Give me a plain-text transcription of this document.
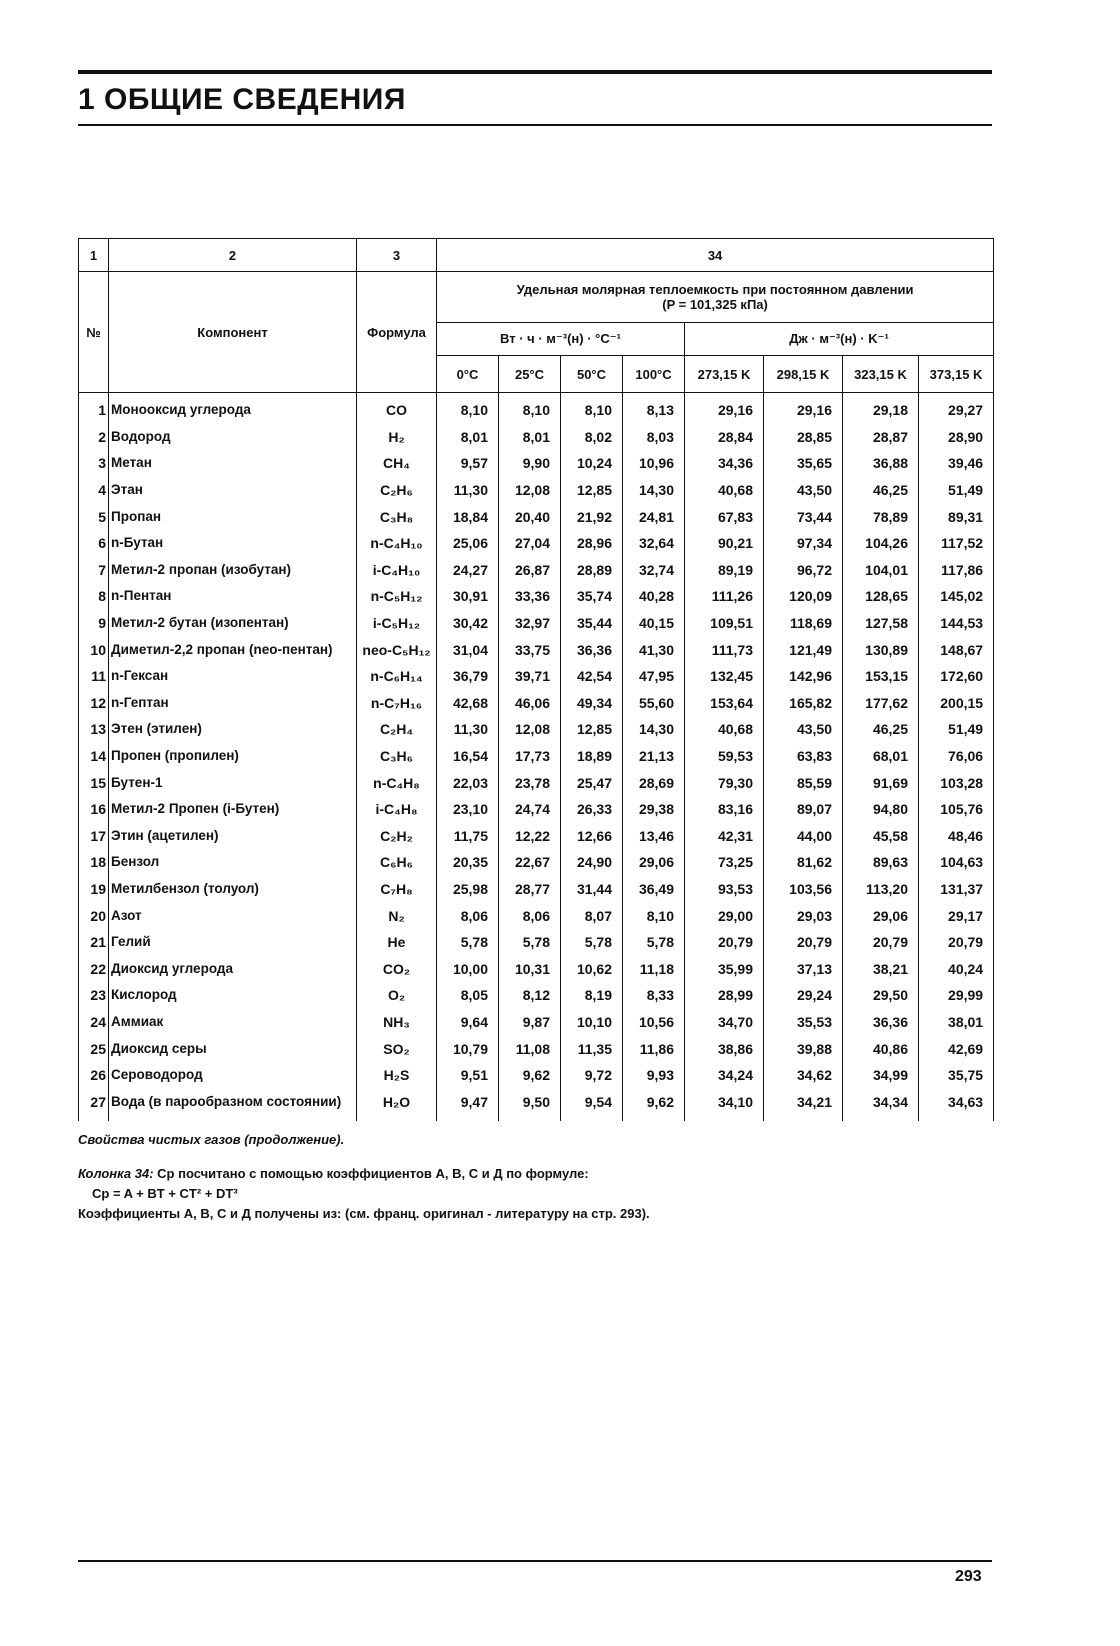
1 ОБЩИЕ СВЕДЕНИЯ
1	2	3	34							
№	Компонент	Формула	Удельная молярная теплоемкость при постоянном давлении
(P = 101,325 кПа)							
			Вт · ч · м⁻³(н) · °C⁻¹				Дж · м⁻³(н) · K⁻¹			
			0°C	25°C	50°C	100°C	273,15 K	298,15 K	323,15 K	373,15 K
1	Монооксид углерода	CO	8,10	8,10	8,10	8,13	29,16	29,16	29,18	29,27
2	Водород	H₂	8,01	8,01	8,02	8,03	28,84	28,85	28,87	28,90
3	Метан	CH₄	9,57	9,90	10,24	10,96	34,36	35,65	36,88	39,46
4	Этан	C₂H₆	11,30	12,08	12,85	14,30	40,68	43,50	46,25	51,49
5	Пропан	C₃H₈	18,84	20,40	21,92	24,81	67,83	73,44	78,89	89,31
6	n-Бутан	n-C₄H₁₀	25,06	27,04	28,96	32,64	90,21	97,34	104,26	117,52
7	Метил-2 пропан (изобутан)	i-C₄H₁₀	24,27	26,87	28,89	32,74	89,19	96,72	104,01	117,86
8	n-Пентан	n-C₅H₁₂	30,91	33,36	35,74	40,28	111,26	120,09	128,65	145,02
9	Метил-2 бутан (изопентан)	i-C₅H₁₂	30,42	32,97	35,44	40,15	109,51	118,69	127,58	144,53
10	Диметил-2,2 пропан (neo-пентан)	neo-C₅H₁₂	31,04	33,75	36,36	41,30	111,73	121,49	130,89	148,67
11	n-Гексан	n-C₆H₁₄	36,79	39,71	42,54	47,95	132,45	142,96	153,15	172,60
12	n-Гептан	n-C₇H₁₆	42,68	46,06	49,34	55,60	153,64	165,82	177,62	200,15
13	Этен (этилен)	C₂H₄	11,30	12,08	12,85	14,30	40,68	43,50	46,25	51,49
14	Пропен (пропилен)	C₃H₆	16,54	17,73	18,89	21,13	59,53	63,83	68,01	76,06
15	Бутен-1	n-C₄H₈	22,03	23,78	25,47	28,69	79,30	85,59	91,69	103,28
16	Метил-2 Пропен (i-Бутен)	i-C₄H₈	23,10	24,74	26,33	29,38	83,16	89,07	94,80	105,76
17	Этин (ацетилен)	C₂H₂	11,75	12,22	12,66	13,46	42,31	44,00	45,58	48,46
18	Бензол	C₆H₆	20,35	22,67	24,90	29,06	73,25	81,62	89,63	104,63
19	Метилбензол (толуол)	C₇H₈	25,98	28,77	31,44	36,49	93,53	103,56	113,20	131,37
20	Азот	N₂	8,06	8,06	8,07	8,10	29,00	29,03	29,06	29,17
21	Гелий	He	5,78	5,78	5,78	5,78	20,79	20,79	20,79	20,79
22	Диоксид углерода	CO₂	10,00	10,31	10,62	11,18	35,99	37,13	38,21	40,24
23	Кислород	O₂	8,05	8,12	8,19	8,33	28,99	29,24	29,50	29,99
24	Аммиак	NH₃	9,64	9,87	10,10	10,56	34,70	35,53	36,36	38,01
25	Диоксид серы	SO₂	10,79	11,08	11,35	11,86	38,86	39,88	40,86	42,69
26	Сероводород	H₂S	9,51	9,62	9,72	9,93	34,24	34,62	34,99	35,75
27	Вода (в парообразном состоянии)	H₂O	9,47	9,50	9,54	9,62	34,10	34,21	34,34	34,63

Свойства чистых газов (продолжение).

Колонка 34: Cp посчитано с помощью коэффициентов A, B, C и Д по формуле:

Cp = A + BT + CT² + DT³

Коэффициенты A, B, C и Д получены из: (см. франц. оригинал - литературу на стр. 293).

293
